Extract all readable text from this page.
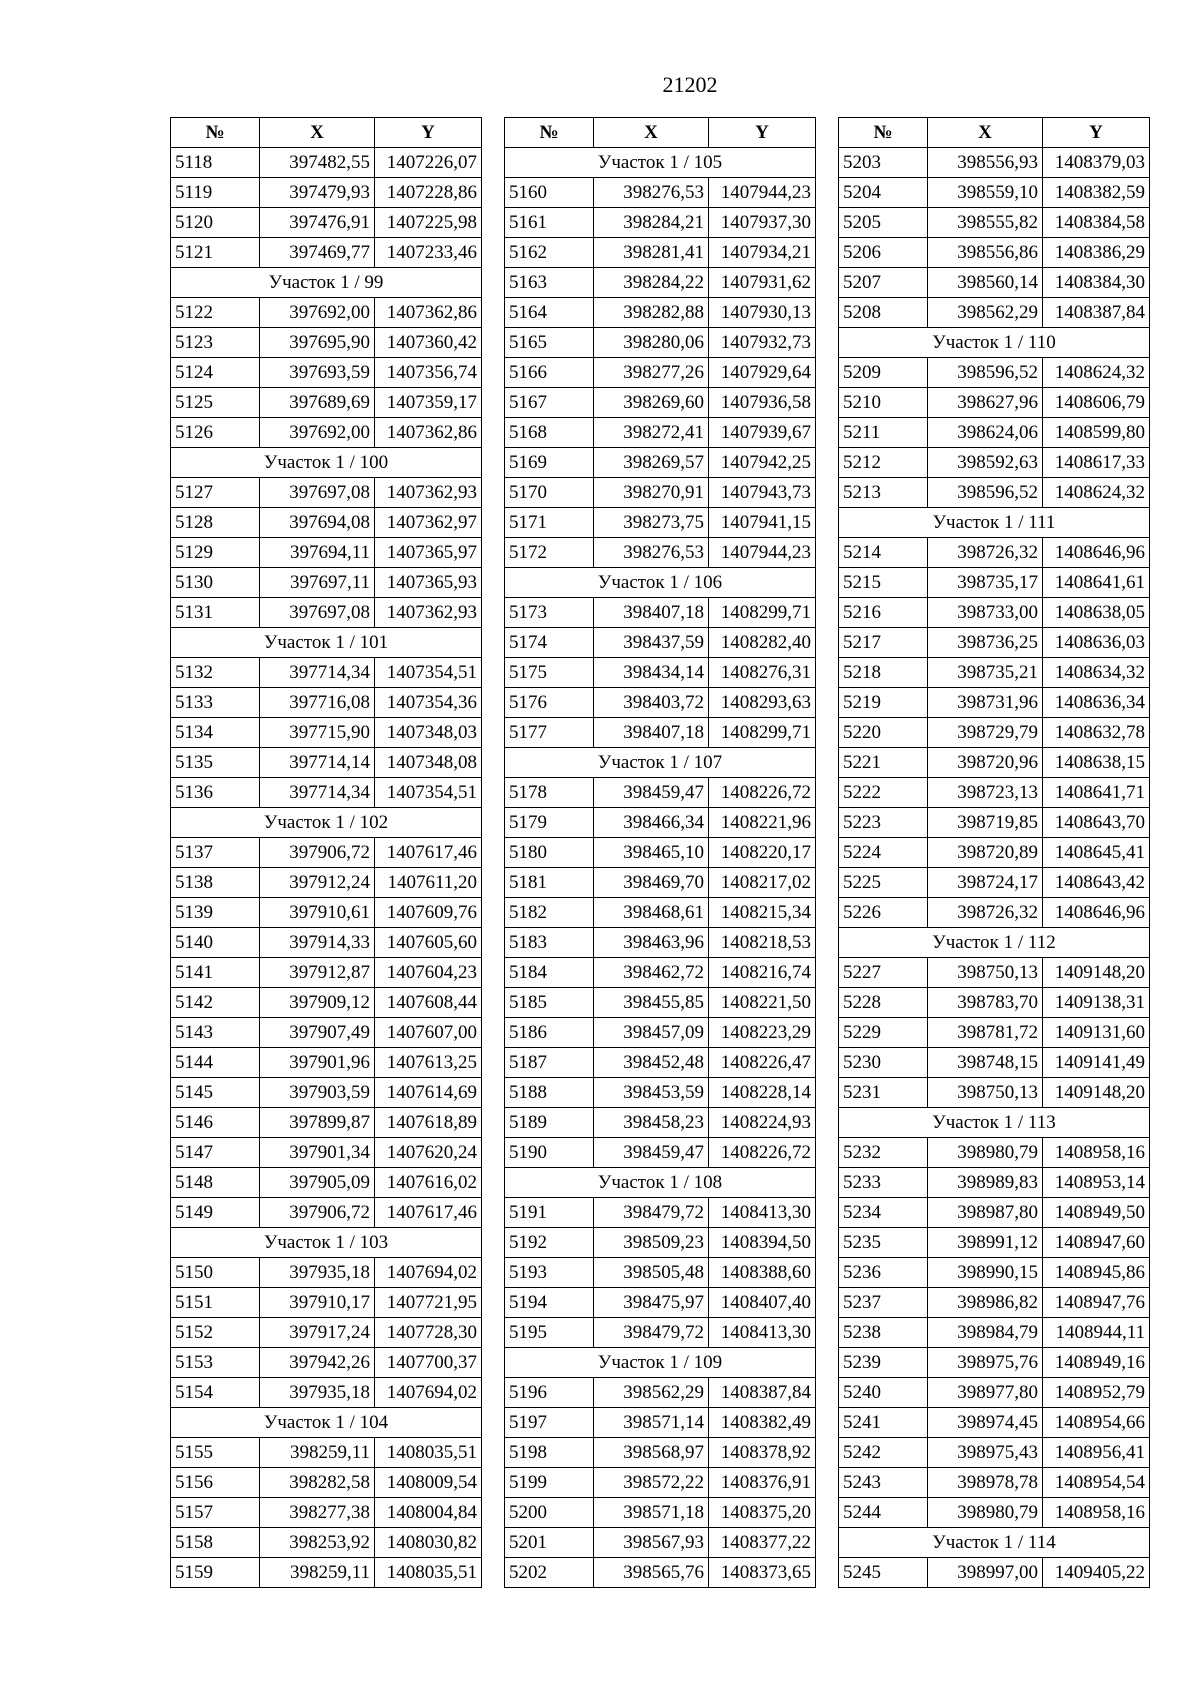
21202
№	X	Y
5118	397482,55	1407226,07
5119	397479,93	1407228,86
5120	397476,91	1407225,98
5121	397469,77	1407233,46
Участок 1 / 99		
5122	397692,00	1407362,86
5123	397695,90	1407360,42
5124	397693,59	1407356,74
5125	397689,69	1407359,17
5126	397692,00	1407362,86
Участок 1 / 100		
5127	397697,08	1407362,93
5128	397694,08	1407362,97
5129	397694,11	1407365,97
5130	397697,11	1407365,93
5131	397697,08	1407362,93
Участок 1 / 101		
5132	397714,34	1407354,51
5133	397716,08	1407354,36
5134	397715,90	1407348,03
5135	397714,14	1407348,08
5136	397714,34	1407354,51
Участок 1 / 102		
5137	397906,72	1407617,46
5138	397912,24	1407611,20
5139	397910,61	1407609,76
5140	397914,33	1407605,60
5141	397912,87	1407604,23
5142	397909,12	1407608,44
5143	397907,49	1407607,00
5144	397901,96	1407613,25
5145	397903,59	1407614,69
5146	397899,87	1407618,89
5147	397901,34	1407620,24
5148	397905,09	1407616,02
5149	397906,72	1407617,46
Участок 1 / 103		
5150	397935,18	1407694,02
5151	397910,17	1407721,95
5152	397917,24	1407728,30
5153	397942,26	1407700,37
5154	397935,18	1407694,02
Участок 1 / 104		
5155	398259,11	1408035,51
5156	398282,58	1408009,54
5157	398277,38	1408004,84
5158	398253,92	1408030,82
5159	398259,11	1408035,51
№	X	Y
Участок 1 / 105		
5160	398276,53	1407944,23
5161	398284,21	1407937,30
5162	398281,41	1407934,21
5163	398284,22	1407931,62
5164	398282,88	1407930,13
5165	398280,06	1407932,73
5166	398277,26	1407929,64
5167	398269,60	1407936,58
5168	398272,41	1407939,67
5169	398269,57	1407942,25
5170	398270,91	1407943,73
5171	398273,75	1407941,15
5172	398276,53	1407944,23
Участок 1 / 106		
5173	398407,18	1408299,71
5174	398437,59	1408282,40
5175	398434,14	1408276,31
5176	398403,72	1408293,63
5177	398407,18	1408299,71
Участок 1 / 107		
5178	398459,47	1408226,72
5179	398466,34	1408221,96
5180	398465,10	1408220,17
5181	398469,70	1408217,02
5182	398468,61	1408215,34
5183	398463,96	1408218,53
5184	398462,72	1408216,74
5185	398455,85	1408221,50
5186	398457,09	1408223,29
5187	398452,48	1408226,47
5188	398453,59	1408228,14
5189	398458,23	1408224,93
5190	398459,47	1408226,72
Участок 1 / 108		
5191	398479,72	1408413,30
5192	398509,23	1408394,50
5193	398505,48	1408388,60
5194	398475,97	1408407,40
5195	398479,72	1408413,30
Участок 1 / 109		
5196	398562,29	1408387,84
5197	398571,14	1408382,49
5198	398568,97	1408378,92
5199	398572,22	1408376,91
5200	398571,18	1408375,20
5201	398567,93	1408377,22
5202	398565,76	1408373,65
№	X	Y
5203	398556,93	1408379,03
5204	398559,10	1408382,59
5205	398555,82	1408384,58
5206	398556,86	1408386,29
5207	398560,14	1408384,30
5208	398562,29	1408387,84
Участок 1 / 110		
5209	398596,52	1408624,32
5210	398627,96	1408606,79
5211	398624,06	1408599,80
5212	398592,63	1408617,33
5213	398596,52	1408624,32
Участок 1 / 111		
5214	398726,32	1408646,96
5215	398735,17	1408641,61
5216	398733,00	1408638,05
5217	398736,25	1408636,03
5218	398735,21	1408634,32
5219	398731,96	1408636,34
5220	398729,79	1408632,78
5221	398720,96	1408638,15
5222	398723,13	1408641,71
5223	398719,85	1408643,70
5224	398720,89	1408645,41
5225	398724,17	1408643,42
5226	398726,32	1408646,96
Участок 1 / 112		
5227	398750,13	1409148,20
5228	398783,70	1409138,31
5229	398781,72	1409131,60
5230	398748,15	1409141,49
5231	398750,13	1409148,20
Участок 1 / 113		
5232	398980,79	1408958,16
5233	398989,83	1408953,14
5234	398987,80	1408949,50
5235	398991,12	1408947,60
5236	398990,15	1408945,86
5237	398986,82	1408947,76
5238	398984,79	1408944,11
5239	398975,76	1408949,16
5240	398977,80	1408952,79
5241	398974,45	1408954,66
5242	398975,43	1408956,41
5243	398978,78	1408954,54
5244	398980,79	1408958,16
Участок 1 / 114		
5245	398997,00	1409405,22
